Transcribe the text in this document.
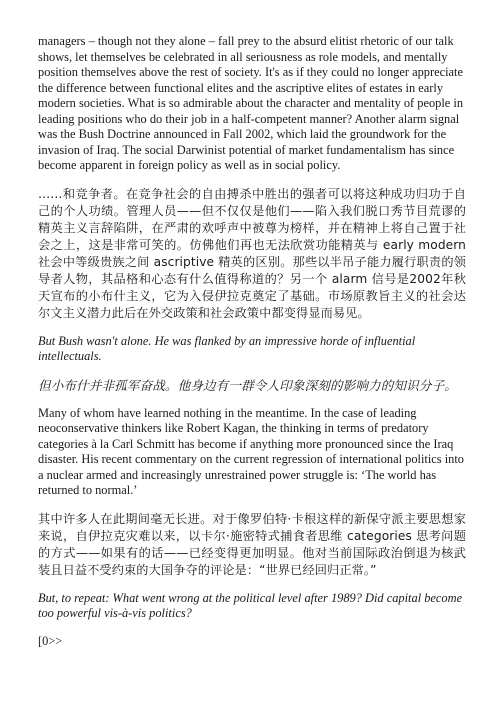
managers – though not they alone – fall prey to the absurd elitist rhetoric of our talk shows, let themselves be celebrated in all seriousness as role models, and mentally position themselves above the rest of society. It's as if they could no longer appreciate the difference between functional elites and the ascriptive elites of estates in early modern societies. What is so admirable about the character and mentality of people in leading positions who do their job in a half-competent manner? Another alarm signal was the Bush Doctrine announced in Fall 2002, which laid the groundwork for the invasion of Iraq. The social Darwinist potential of market fundamentalism has since become apparent in foreign policy as well as in social policy.

……和竞争者。在竞争社会的自由搏杀中胜出的强者可以将这种成功归功于自己的个人功绩。管理人员——但不仅仅是他们——陷入我们脱口秀节目荒谬的精英主义言辞陷阱，在严肃的欢呼声中被尊为榜样，并在精神上将自己置于社会之上，这是非常可笑的。仿佛他们再也无法欣赏功能精英与 early modern 社会中等级贵族之间 ascriptive 精英的区别。那些以半吊子能力履行职责的领导者人物，其品格和心态有什么值得称道的？另一个 alarm 信号是2002年秋天宣布的小布什主义，它为入侵伊拉克奠定了基础。市场原教旨主义的社会达尔文主义潜力此后在外交政策和社会政策中都变得显而易见。

But Bush wasn't alone. He was flanked by an impressive horde of influential intellectuals.

但小布什并非孤军奋战。他身边有一群令人印象深刻的影响力的知识分子。

Many of whom have learned nothing in the meantime. In the case of leading neoconservative thinkers like Robert Kagan, the thinking in terms of predatory categories à la Carl Schmitt has become if anything more pronounced since the Iraq disaster. His recent commentary on the current regression of international politics into a nuclear armed and increasingly unrestrained power struggle is: ‘The world has returned to normal.’

其中许多人在此期间毫无长进。对于像罗伯特·卡根这样的新保守派主要思想家来说，自伊拉克灾难以来，以卡尔·施密特式捕食者思维 categories 思考问题的方式——如果有的话——已经变得更加明显。他对当前国际政治倒退为核武装且日益不受约束的大国争夺的评论是：“世界已经回归正常。”

But, to repeat: What went wrong at the political level after 1989? Did capital become too powerful vis-à-vis politics?

[0>>
